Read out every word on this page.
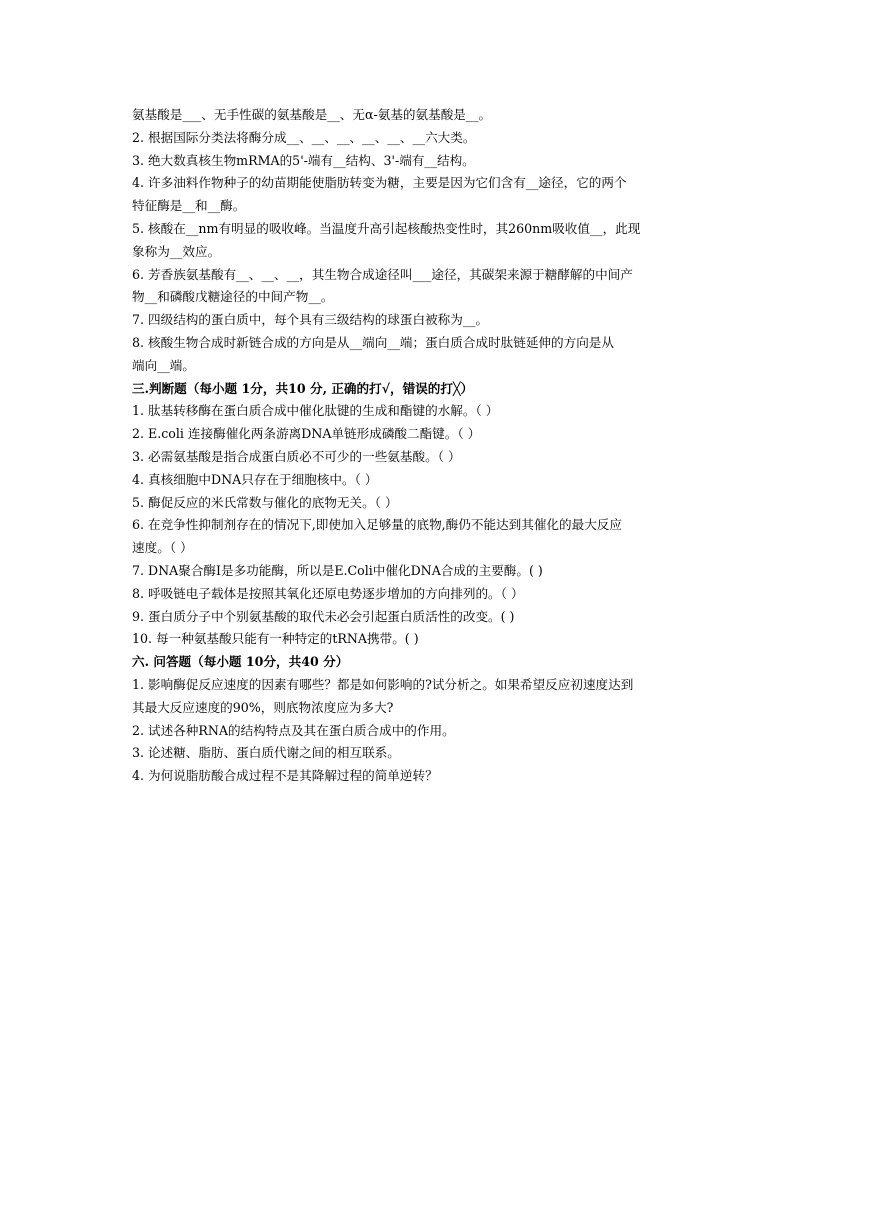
氨基酸是___、无手性碳的氨基酸是__、无α-氨基的氨基酸是__。
2. 根据国际分类法将酶分成__、__、__、__、__、__六大类。
3. 绝大数真核生物mRMA的5'-端有__结构、3'-端有__结构。
4. 许多油料作物种子的幼苗期能使脂肪转变为糖，主要是因为它们含有__途径，它的两个
特征酶是__和__酶。
5. 核酸在__nm有明显的吸收峰。当温度升高引起核酸热变性时，其260nm吸收值__，此现
象称为__效应。
6. 芳香族氨基酸有__、__、__，其生物合成途径叫___途径，其碳架来源于糖酵解的中间产
物__和磷酸戊糖途径的中间产物__。
7. 四级结构的蛋白质中，每个具有三级结构的球蛋白被称为__。
8. 核酸生物合成时新链合成的方向是从__端向__端；蛋白质合成时肽链延伸的方向是从
端向__端。
三.判断题（每小题 1分，共10 分, 正确的打√，错误的打╳）
1. 肽基转移酶在蛋白质合成中催化肽键的生成和酯键的水解。（ ）
2. E.coli 连接酶催化两条游离DNA单链形成磷酸二酯键。（ ）
3. 必需氨基酸是指合成蛋白质必不可少的一些氨基酸。（ ）
4. 真核细胞中DNA只存在于细胞核中。（ ）
5. 酶促反应的米氏常数与催化的底物无关。（ ）
6. 在竞争性抑制剂存在的情况下,即使加入足够量的底物,酶仍不能达到其催化的最大反应
速度。（ ）
7. DNA聚合酶I是多功能酶，所以是E.Coli中催化DNA合成的主要酶。( )
8. 呼吸链电子载体是按照其氧化还原电势逐步增加的方向排列的。（ ）
9. 蛋白质分子中个别氨基酸的取代未必会引起蛋白质活性的改变。( )
10. 每一种氨基酸只能有一种特定的tRNA携带。( )
六. 问答题（每小题 10分，共40 分）
1. 影响酶促反应速度的因素有哪些？都是如何影响的?试分析之。如果希望反应初速度达到
其最大反应速度的90%，则底物浓度应为多大?
2. 试述各种RNA的结构特点及其在蛋白质合成中的作用。
3. 论述糖、脂肪、蛋白质代谢之间的相互联系。
4. 为何说脂肪酸合成过程不是其降解过程的简单逆转？
